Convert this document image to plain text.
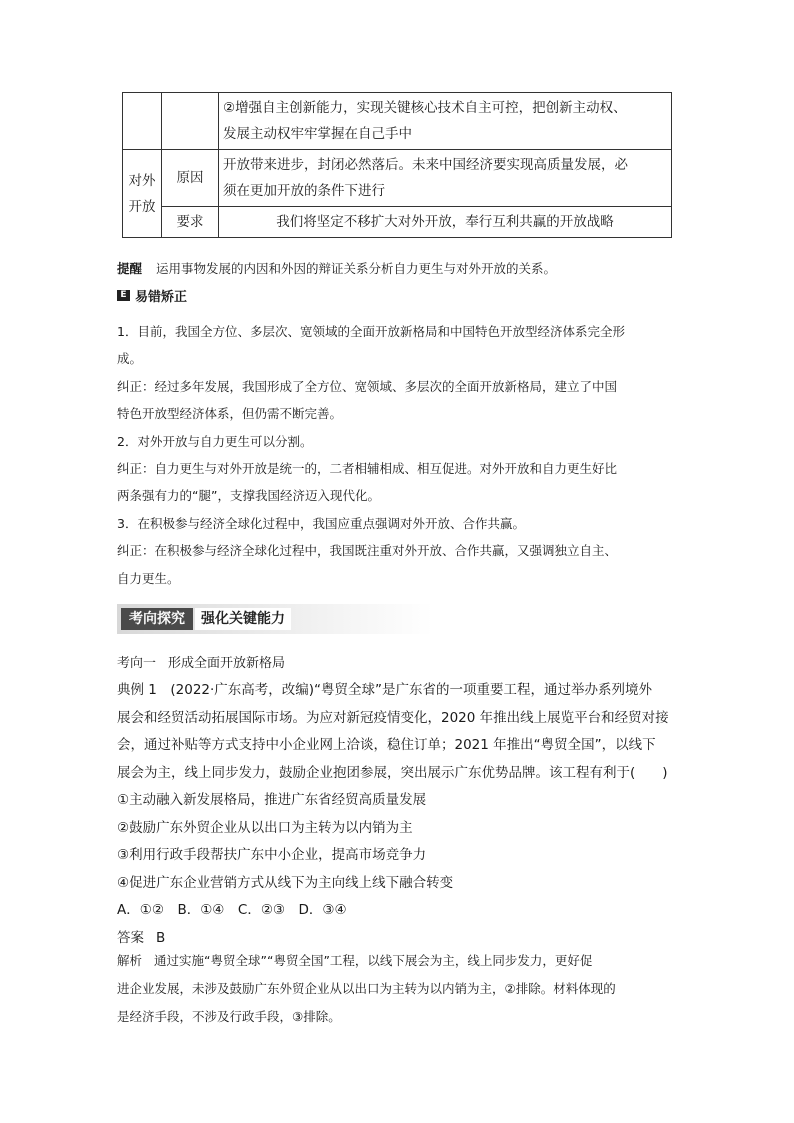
		②增强自主创新能力，实现关键核心技术自主可控，把创新主动权、
发展主动权牢牢掌握在自己手中

对外
开放	原因	开放带来进步，封闭必然落后。未来中国经济要实现高质量发展，必
须在更加开放的条件下进行

	要求	我们将坚定不移扩大对外开放，奉行互利共赢的开放战略
提醒 运用事物发展的内因和外因的辩证关系分析自力更生与对外开放的关系。
E 易错矫正
1．目前，我国全方位、多层次、宽领域的全面开放新格局和中国特色开放型经济体系完全形
成。
纠正：经过多年发展，我国形成了全方位、宽领域、多层次的全面开放新格局，建立了中国
特色开放型经济体系，但仍需不断完善。
2．对外开放与自力更生可以分割。
纠正：自力更生与对外开放是统一的，二者相辅相成、相互促进。对外开放和自力更生好比
两条强有力的“腿”，支撑我国经济迈入现代化。
3．在积极参与经济全球化过程中，我国应重点强调对外开放、合作共赢。
纠正：在积极参与经济全球化过程中，我国既注重对外开放、合作共赢，又强调独立自主、
自力更生。
考向探究	强化关键能力
考向一 形成全面开放新格局
典例 1　(2022·广东高考，改编)“粤贸全球”是广东省的一项重要工程，通过举办系列境外
展会和经贸活动拓展国际市场。为应对新冠疫情变化，2020 年推出线上展览平台和经贸对接
会，通过补贴等方式支持中小企业网上洽谈，稳住订单；2021 年推出“粤贸全国”，以线下
展会为主，线上同步发力，鼓励企业抱团参展，突出展示广东优势品牌。该工程有利于(　　)
①主动融入新发展格局，推进广东省经贸高质量发展
②鼓励广东外贸企业从以出口为主转为以内销为主
③利用行政手段帮扶广东中小企业，提高市场竞争力
④促进广东企业营销方式从线下为主向线上线下融合转变
A．①②　B．①④　C．②③　D．③④
答案 B
解析 通过实施“粤贸全球”“粤贸全国”工程，以线下展会为主，线上同步发力，更好促
进企业发展，未涉及鼓励广东外贸企业从以出口为主转为以内销为主，②排除。材料体现的
是经济手段，不涉及行政手段，③排除。
